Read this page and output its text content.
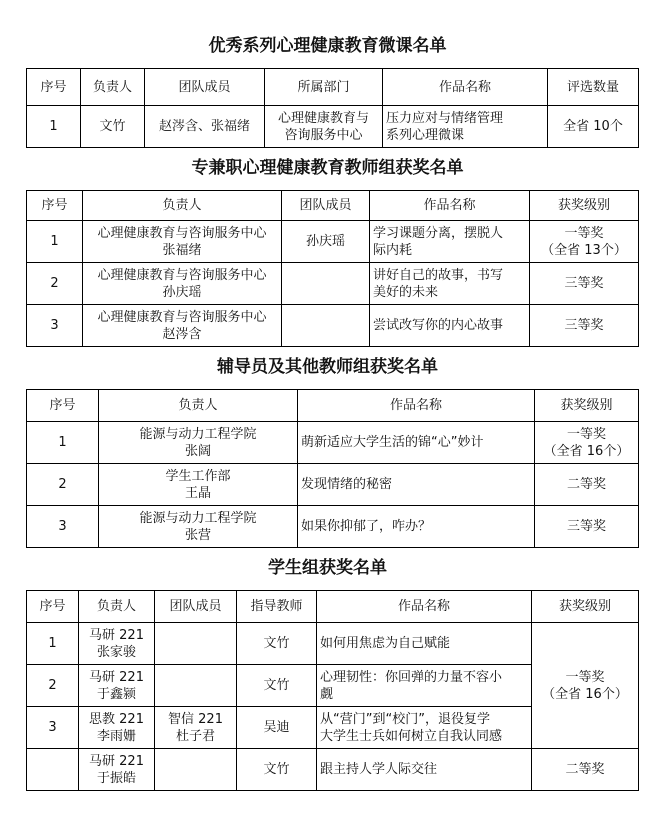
优秀系列心理健康教育微课名单
序号	负责人	团队成员	所属部门	作品名称	评选数量

1	文竹	赵涔含、张福绪	心理健康教育与
咨询服务中心	压力应对与情绪管理
系列心理微课	全省 10个
专兼职心理健康教育教师组获奖名单
序号	负责人	团队成员	作品名称	获奖级别

1	心理健康教育与咨询服务中心
张福绪	孙庆瑶	学习课题分离，摆脱人
际内耗	一等奖
（全省 13个）

2	心理健康教育与咨询服务中心
孙庆瑶		讲好自己的故事，书写
美好的未来	三等奖

3	心理健康教育与咨询服务中心
赵涔含		尝试改写你的内心故事	三等奖
辅导员及其他教师组获奖名单
序号	负责人	作品名称	获奖级别

1	能源与动力工程学院
张阔	萌新适应大学生活的锦“心”妙计	一等奖
（全省 16个）

2	学生工作部
王晶	发现情绪的秘密	二等奖

3	能源与动力工程学院
张营	如果你抑郁了，咋办？	三等奖
学生组获奖名单
序号	负责人	团队成员	指导教师	作品名称	获奖级别

1	马研 221
张家骏		文竹	如何用焦虑为自己赋能	一等奖
（全省 16个）

2	马研 221
于鑫颍		文竹	心理韧性：你回弹的力量不容小
觑	

3	思教 221
李雨姗	智信 221
杜子君	吴迪	从“营门”到“校门”，退役复学
大学生士兵如何树立自我认同感	

	马研 221
于振皓		文竹	跟主持人学人际交往	二等奖
